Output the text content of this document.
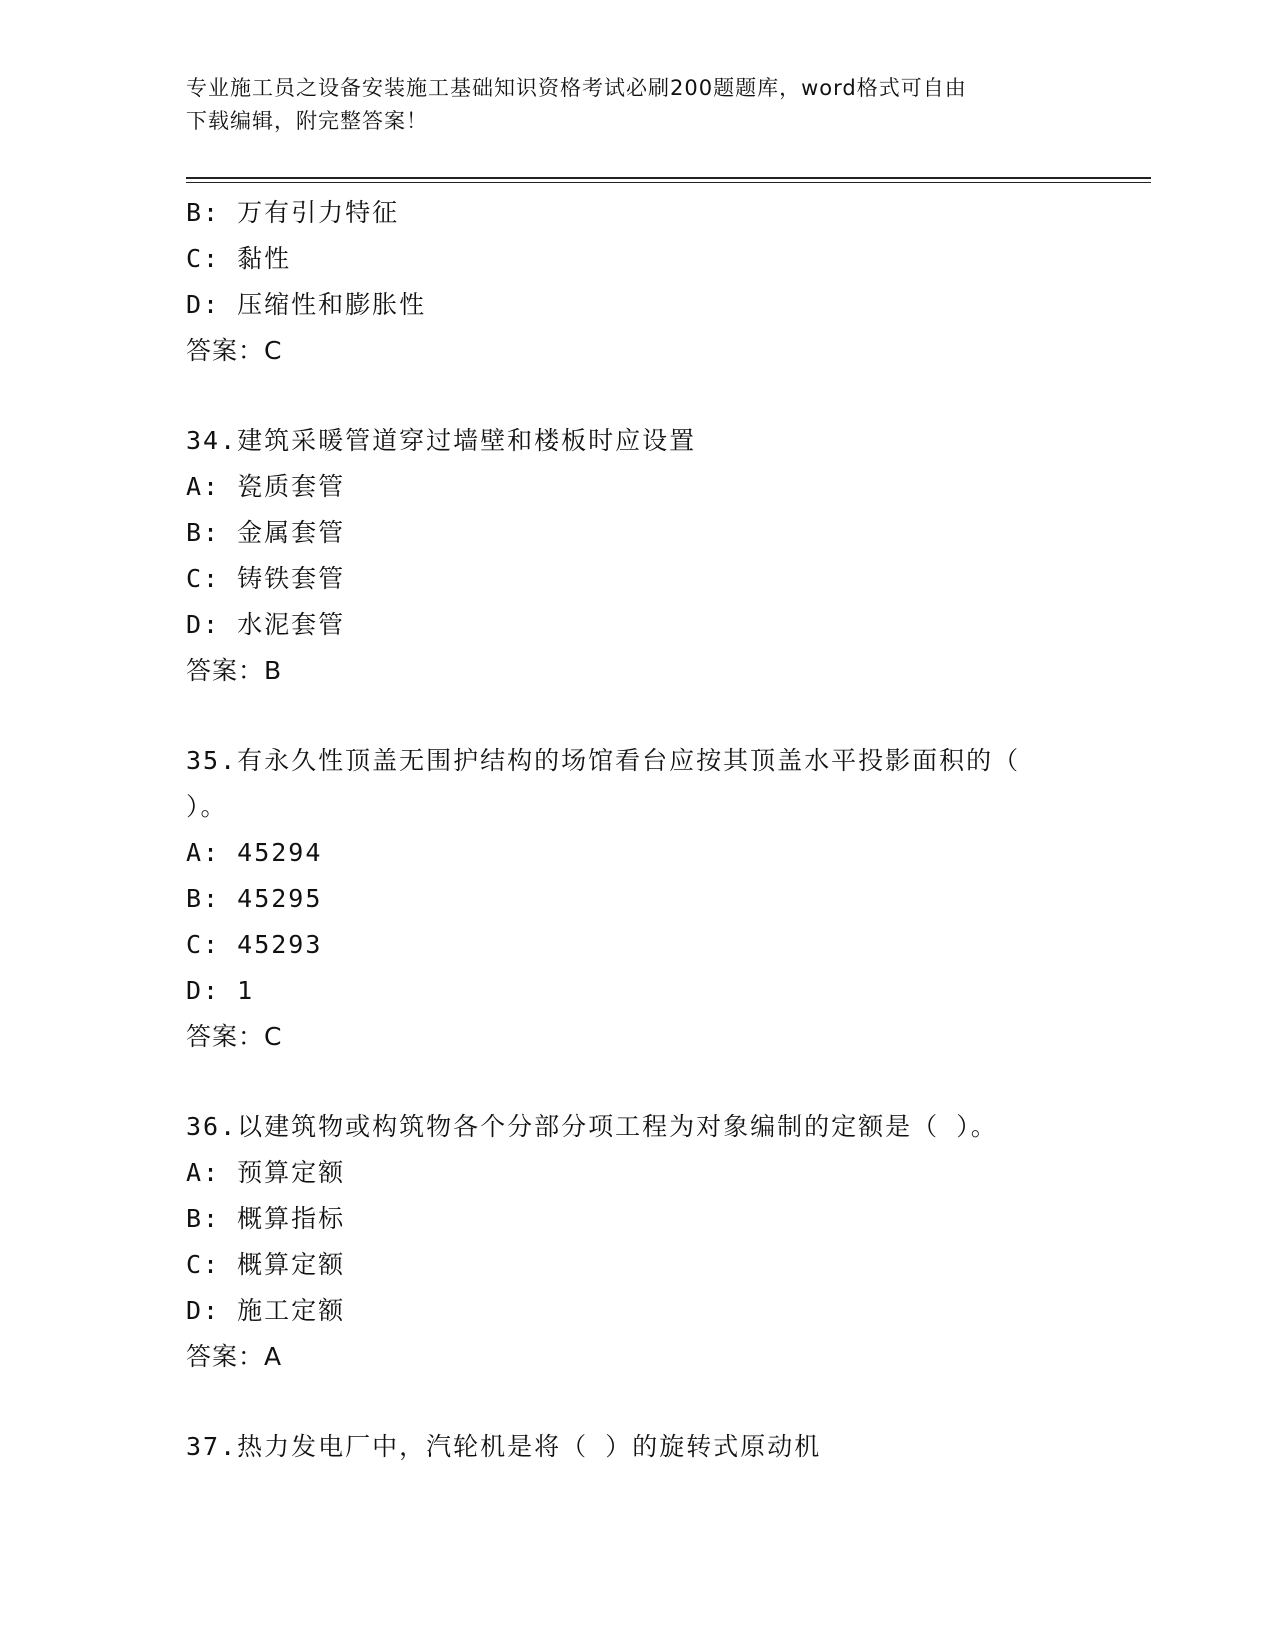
专业施工员之设备安装施工基础知识资格考试必刷200题题库，word格式可自由
下载编辑，附完整答案！
B: 万有引力特征
C: 黏性
D: 压缩性和膨胀性
答案：C
34.建筑采暖管道穿过墙壁和楼板时应设置
A: 瓷质套管
B: 金属套管
C: 铸铁套管
D: 水泥套管
答案：B
35.有永久性顶盖无围护结构的场馆看台应按其顶盖水平投影面积的（
）。
A: 45294
B: 45295
C: 45293
D: 1
答案：C
36.以建筑物或构筑物各个分部分项工程为对象编制的定额是（ ）。
A: 预算定额
B: 概算指标
C: 概算定额
D: 施工定额
答案：A
37.热力发电厂中，汽轮机是将（ ）的旋转式原动机
